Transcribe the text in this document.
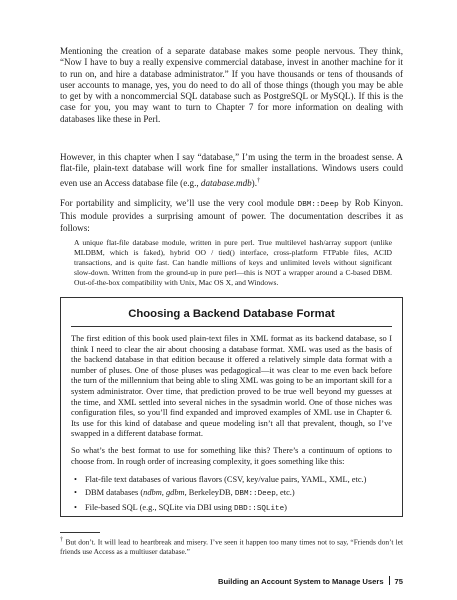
Mentioning the creation of a separate database makes some people nervous. They think, “Now I have to buy a really expensive commercial database, invest in another machine for it to run on, and hire a database administrator.” If you have thousands or tens of thousands of user accounts to manage, yes, you do need to do all of those things (though you may be able to get by with a noncommercial SQL database such as PostgreSQL or MySQL). If this is the case for you, you may want to turn to Chapter 7 for more information on dealing with databases like these in Perl.

However, in this chapter when I say “database,” I’m using the term in the broadest sense. A flat-file, plain-text database will work fine for smaller installations. Windows users could even use an Access database file (e.g., database.mdb).†

For portability and simplicity, we’ll use the very cool module DBM::Deep by Rob Kinyon. This module provides a surprising amount of power. The documentation describes it as follows:

A unique flat-file database module, written in pure perl. True multilevel hash/array support (unlike MLDBM, which is faked), hybrid OO / tied() interface, cross-platform FTPable files, ACID transactions, and is quite fast. Can handle millions of keys and unlimited levels without significant slow-down. Written from the ground-up in pure perl—this is NOT a wrapper around a C-based DBM. Out-of-the-box compatibility with Unix, Mac OS X, and Windows.

Choosing a Backend Database Format

The first edition of this book used plain-text files in XML format as its backend database, so I think I need to clear the air about choosing a database format. XML was used as the basis of the backend database in that edition because it offered a relatively simple data format with a number of pluses. One of those pluses was pedagogical—it was clear to me even back before the turn of the millennium that being able to sling XML was going to be an important skill for a system administrator. Over time, that prediction proved to be true well beyond my guesses at the time, and XML settled into several niches in the sysadmin world. One of those niches was configuration files, so you’ll find expanded and improved examples of XML use in Chapter 6. Its use for this kind of database and queue modeling isn’t all that prevalent, though, so I’ve swapped in a different database format.

So what’s the best format to use for something like this? There’s a continuum of options to choose from. In rough order of increasing complexity, it goes something like this:

• Flat-file text databases of various flavors (CSV, key/value pairs, YAML, XML, etc.)
• DBM databases (ndbm, gdbm, BerkeleyDB, DBM::Deep, etc.)
• File-based SQL (e.g., SQLite via DBI using DBD::SQLite)

† But don’t. It will lead to heartbreak and misery. I’ve seen it happen too many times not to say, “Friends don’t let friends use Access as a multiuser database.”

Building an Account System to Manage Users 75
